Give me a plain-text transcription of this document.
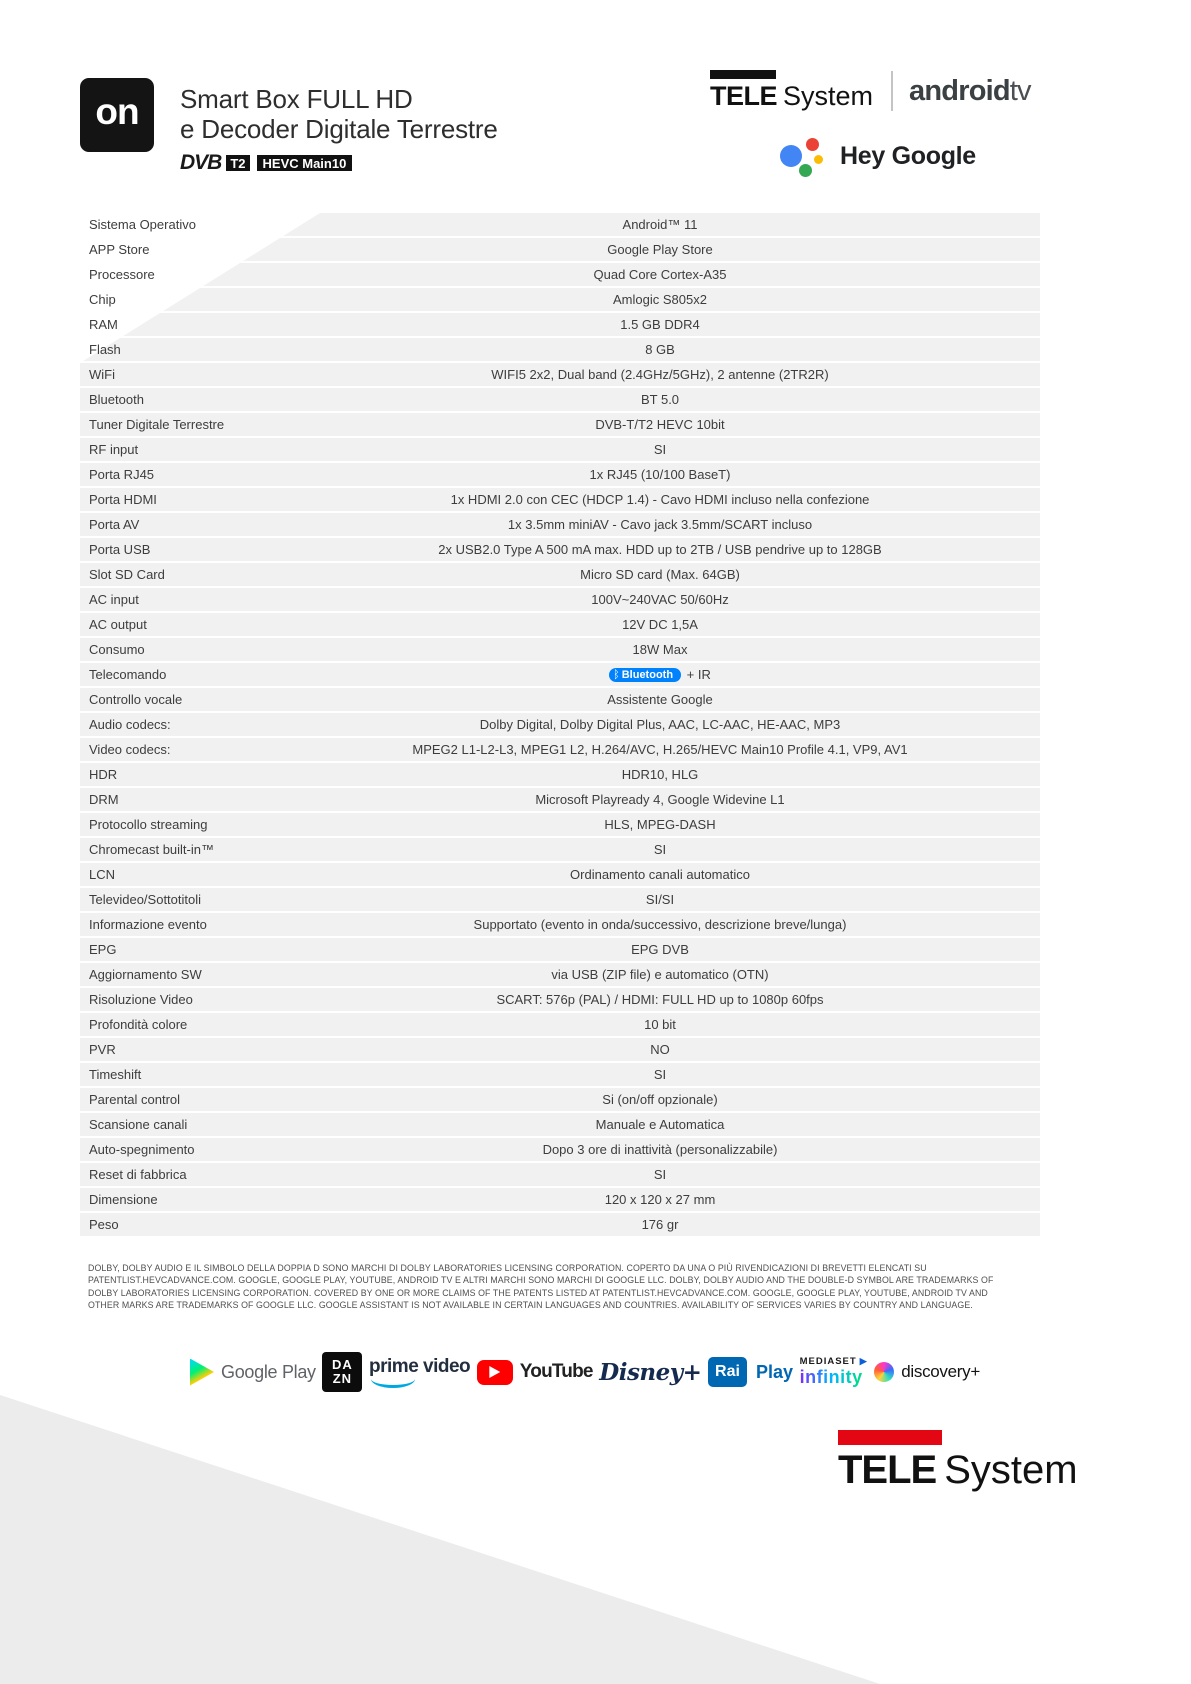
on	Smart Box FULL HD
e Decoder Digitale Terrestre
DVB T2	HEVC Main10
TELE System androidtv
Hey Google
Sistema Operativo	Android™ 11
APP Store	Google Play Store
Processore	Quad Core Cortex-A35
Chip	Amlogic S805x2
RAM	1.5 GB DDR4
Flash	8 GB
WiFi	WIFI5 2x2, Dual band (2.4GHz/5GHz), 2 antenne (2TR2R)
Bluetooth	BT 5.0
Tuner Digitale Terrestre	DVB-T/T2 HEVC 10bit
RF input	SI
Porta RJ45	1x RJ45 (10/100 BaseT)
Porta HDMI	1x HDMI 2.0 con CEC (HDCP 1.4) - Cavo HDMI incluso nella confezione
Porta AV	1x 3.5mm miniAV - Cavo jack 3.5mm/SCART incluso
Porta USB	2x USB2.0 Type A 500 mA max. HDD up to 2TB / USB pendrive up to 128GB
Slot SD Card	Micro SD card (Max. 64GB)
AC input	100V~240VAC 50/60Hz
AC output	12V DC 1,5A
Consumo	18W Max
Telecomando	ᛒ Bluetooth + IR
Controllo vocale	Assistente Google
Audio codecs:	Dolby Digital, Dolby Digital Plus, AAC, LC-AAC, HE-AAC, MP3
Video codecs:	MPEG2 L1-L2-L3, MPEG1 L2, H.264/AVC, H.265/HEVC Main10 Profile 4.1, VP9, AV1
HDR	HDR10, HLG
DRM	Microsoft Playready 4, Google Widevine L1
Protocollo streaming	HLS, MPEG-DASH
Chromecast built-in™	SI
LCN	Ordinamento canali automatico
Televideo/Sottotitoli	SI/SI
Informazione evento	Supportato (evento in onda/successivo, descrizione breve/lunga)
EPG	EPG DVB
Aggiornamento SW	via USB (ZIP file) e automatico (OTN)
Risoluzione Video	SCART: 576p (PAL) / HDMI: FULL HD up to 1080p 60fps
Profondità colore	10 bit
PVR	NO
Timeshift	SI
Parental control	Si (on/off opzionale)
Scansione canali	Manuale e Automatica
Auto-spegnimento	Dopo 3 ore di inattività (personalizzabile)
Reset di fabbrica	SI
Dimensione	120 x 120 x 27 mm
Peso	176 gr
DOLBY, DOLBY AUDIO E IL SIMBOLO DELLA DOPPIA D SONO MARCHI DI DOLBY LABORATORIES LICENSING CORPORATION. COPERTO DA UNA O PIÙ RIVENDICAZIONI DI BREVETTI ELENCATI SU PATENTLIST.HEVCADVANCE.COM. GOOGLE, GOOGLE PLAY, YOUTUBE, ANDROID TV E ALTRI MARCHI SONO MARCHI DI GOOGLE LLC. DOLBY, DOLBY AUDIO AND THE DOUBLE-D SYMBOL ARE TRADEMARKS OF DOLBY LABORATORIES LICENSING CORPORATION. COVERED BY ONE OR MORE CLAIMS OF THE PATENTS LISTED AT PATENTLIST.HEVCADVANCE.COM. GOOGLE, GOOGLE PLAY, YOUTUBE, ANDROID TV AND OTHER MARKS ARE TRADEMARKS OF GOOGLE LLC. GOOGLE ASSISTANT IS NOT AVAILABLE IN CERTAIN LANGUAGES AND COUNTRIES. AVAILABILITY OF SERVICES VARIES BY COUNTRY AND LANGUAGE.
Google Play DA
ZN
prime video	YouTube Disney+ Rai Play MEDIASET ▶
infinity discovery+
TELE System
